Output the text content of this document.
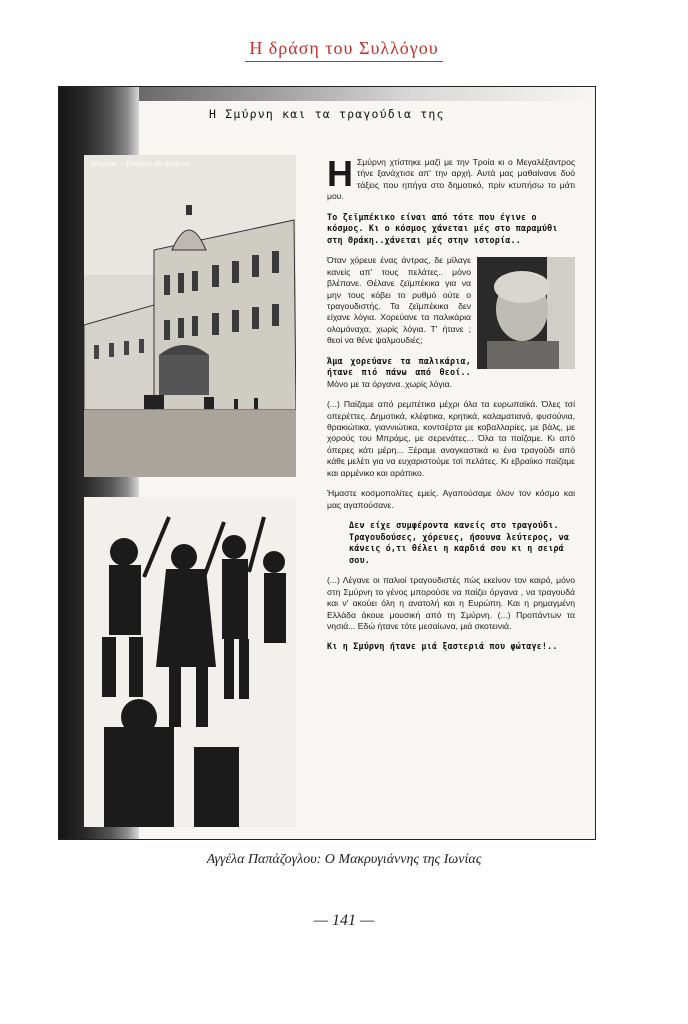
Η δράση του Συλλόγου
Η Σμύρνη και τα τραγούδια της
Smyrne. - Théatre de Smyrne.	Η Σμύρνη χτίστηκε μαζί με την Τροία κι ο Μεγαλέξαντρος τήνε ξανάχτισε απ' την αρχή. Αυτά μας μαθαίνανε δυό τάξεις που ηπήγα στο δημοτικό, πρίν κτυπήσω το μάτι μου.

Το ζεϊμπέκικο είναι από τότε που έγινε ο κόσμος. Κι ο κόσμος χάνεται μές στο παραμύθι στη Θράκη..χάνεται μές στην ιστορία..

Όταν χόρευε ένας άντρας, δε μίλαγε κανείς απ' τους πελάτες.. μόνο βλέπανε. Θέλανε ζεϊμπέκικα για να μην τους κόβει το ρυθμό ούτε ο τραγουδιστής. Τα ζεϊμπέκικα δεν είχανε λόγια. Χορεύανε τα παλικάρια ολομόναχα, χωρίς λόγια. Τ' ήτανε ; θεοί να θένε ψαλμουδιές;

Άμα χορεύανε τα παλικάρια, ήτανε πιό πάνω από θεοί.. Μόνο με τα όργανα..χωρίς λόγια.

(...) Παίζαμε από ρεμπέτικα μέχρι όλα τα ευρωπαϊκά. Όλες τσί οπερέττες. Δημοτικά, κλέφτικα, κρητικά, καλαματιανά, φυσούνια, θρακιώτικα, γιαννιώτικα, κοντσέρτα με κοβαλλαρίες, με βάλς, με χορούς του Μπράμς, με σερενάτες... Όλα τα παίζαμε. Κι από όπερες κάτι μέρη... Ξέραμε αναγκαστικά κι ένα τραγούδι από κάθε μελέτι για να ευχαριστούμε τσί πελάτες. Κι εβραίικο παίζαμε και αρμένικο και αράπικο.

Ήμαστε κοσμοπολίτες εμείς. Αγαπούσαμε όλον τον κόσμο και μας αγαπούσανε.

Δεν είχε συμφέροντα κανείς στο τραγούδι. Τραγουδούσες, χόρευες, ήσουνα λεύτερος, να κάνεις ό,τι θέλει η καρδιά σου κι η σειρά σου.

(...) Λέγανε οι παλιοί τραγουδιστές πώς εκείνον τον καιρό, μόνο στη Σμύρνη το γένος μπορούσε να παίζει όργανα , να τραγουδά και ν' ακούει όλη η ανατολή και η Ευρώπη. Και η ρημαγμένη Ελλάδα άκουε μουσική από τη Σμύρνη. (...) Προπάντων τα νησιά... Εδώ ήτανε τότε μεσαίωνα, μιά σκοτεινιά.

Κι η Σμύρνη ήτανε μιά ξαστεριά που φώταγε!..

Αγγέλα Παπάζογλου: Ο Μακρυγιάννης της Ιωνίας
— 141 —
